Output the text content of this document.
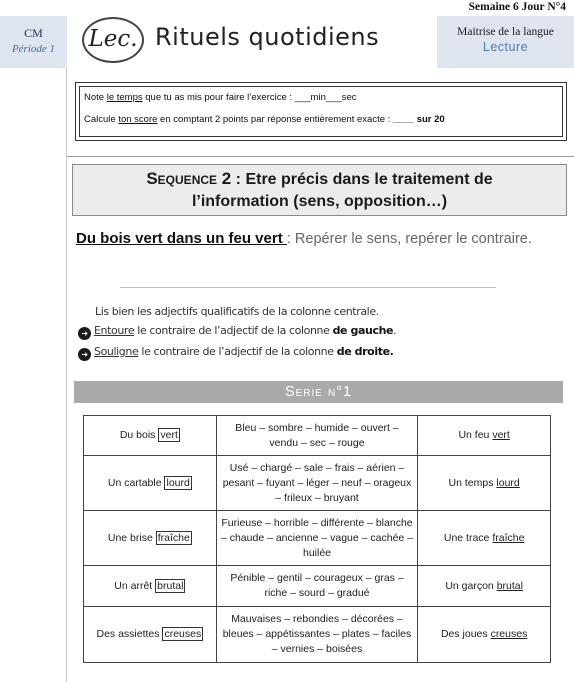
Semaine 6 Jour N°4
CM
Période 1	Lec. Rituels quotidiens	Maitrise de la langue
Lecture
Note le temps que tu as mis pour faire l’exercice : ___min___sec
Calcule ton score en comptant 2 points par réponse entièrement exacte : ____ sur 20
Sequence 2 : Etre précis dans le traitement de
l’information (sens, opposition…)
Du bois vert dans un feu vert : Repérer le sens, repérer le contraire.
Lis bien les adjectifs qualificatifs de la colonne centrale.
➜ Entoure le contraire de l’adjectif de la colonne de gauche.
➜ Souligne le contraire de l’adjectif de la colonne de droite.
Serie n°1
Du bois vert	Bleu – sombre – humide – ouvert – vendu – sec – rouge	Un feu vert
Un cartable lourd	Usé – chargé – sale – frais – aérien – pesant – fuyant – léger – neuf – orageux – frileux – bruyant	Un temps lourd
Une brise fraîche	Furieuse – horrible – différente – blanche – chaude – ancienne – vague – cachée – huilée	Une trace fraîche
Un arrêt brutal	Pénible – gentil – courageux – gras – riche – sourd – gradué	Un garçon brutal
Des assiettes creuses	Mauvaises – rebondies – décorées – bleues – appétissantes – plates – faciles – vernies – boisées	Des joues creuses
